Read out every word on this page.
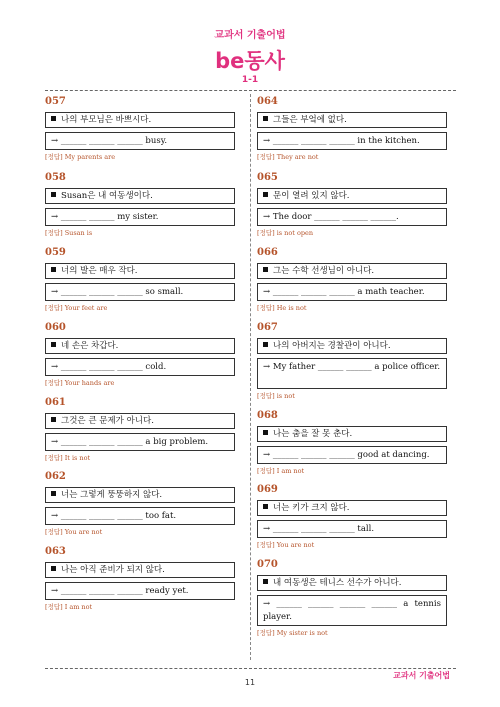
교과서 기출어법
be동사
1-1
057
나의 부모님은 바쁘시다.
→ ______ ______ ______ busy.
[정답] My parents are
058
Susan은 내 여동생이다.
→ ______ ______ my sister.
[정답] Susan is
059
너의 발은 매우 작다.
→ ______ ______ ______ so small.
[정답] Your feet are
060
네 손은 차갑다.
→ ______ ______ ______ cold.
[정답] Your hands are
061
그것은 큰 문제가 아니다.
→ ______ ______ ______ a big problem.
[정답] It is not
062
너는 그렇게 뚱뚱하지 않다.
→ ______ ______ ______ too fat.
[정답] You are not
063
나는 아직 준비가 되지 않다.
→ ______ ______ ______ ready yet.
[정답] I am not
064
그들은 부엌에 없다.
→ ______ ______ ______ in the kitchen.
[정답] They are not
065
문이 열려 있지 않다.
→ The door ______ ______ ______.
[정답] is not open
066
그는 수학 선생님이 아니다.
→ ______ ______ ______ a math teacher.
[정답] He is not
067
나의 아버지는 경찰관이 아니다.
→ My father ______ ______ a police officer.
[정답] is not
068
나는 춤을 잘 못 춘다.
→ ______ ______ ______ good at dancing.
[정답] I am not
069
너는 키가 크지 않다.
→ ______ ______ ______ tall.
[정답] You are not
070
내 여동생은 테니스 선수가 아니다.
→ ______ ______ ______ ______ a tennis player.
[정답] My sister is not
교과서 기출어법
11
